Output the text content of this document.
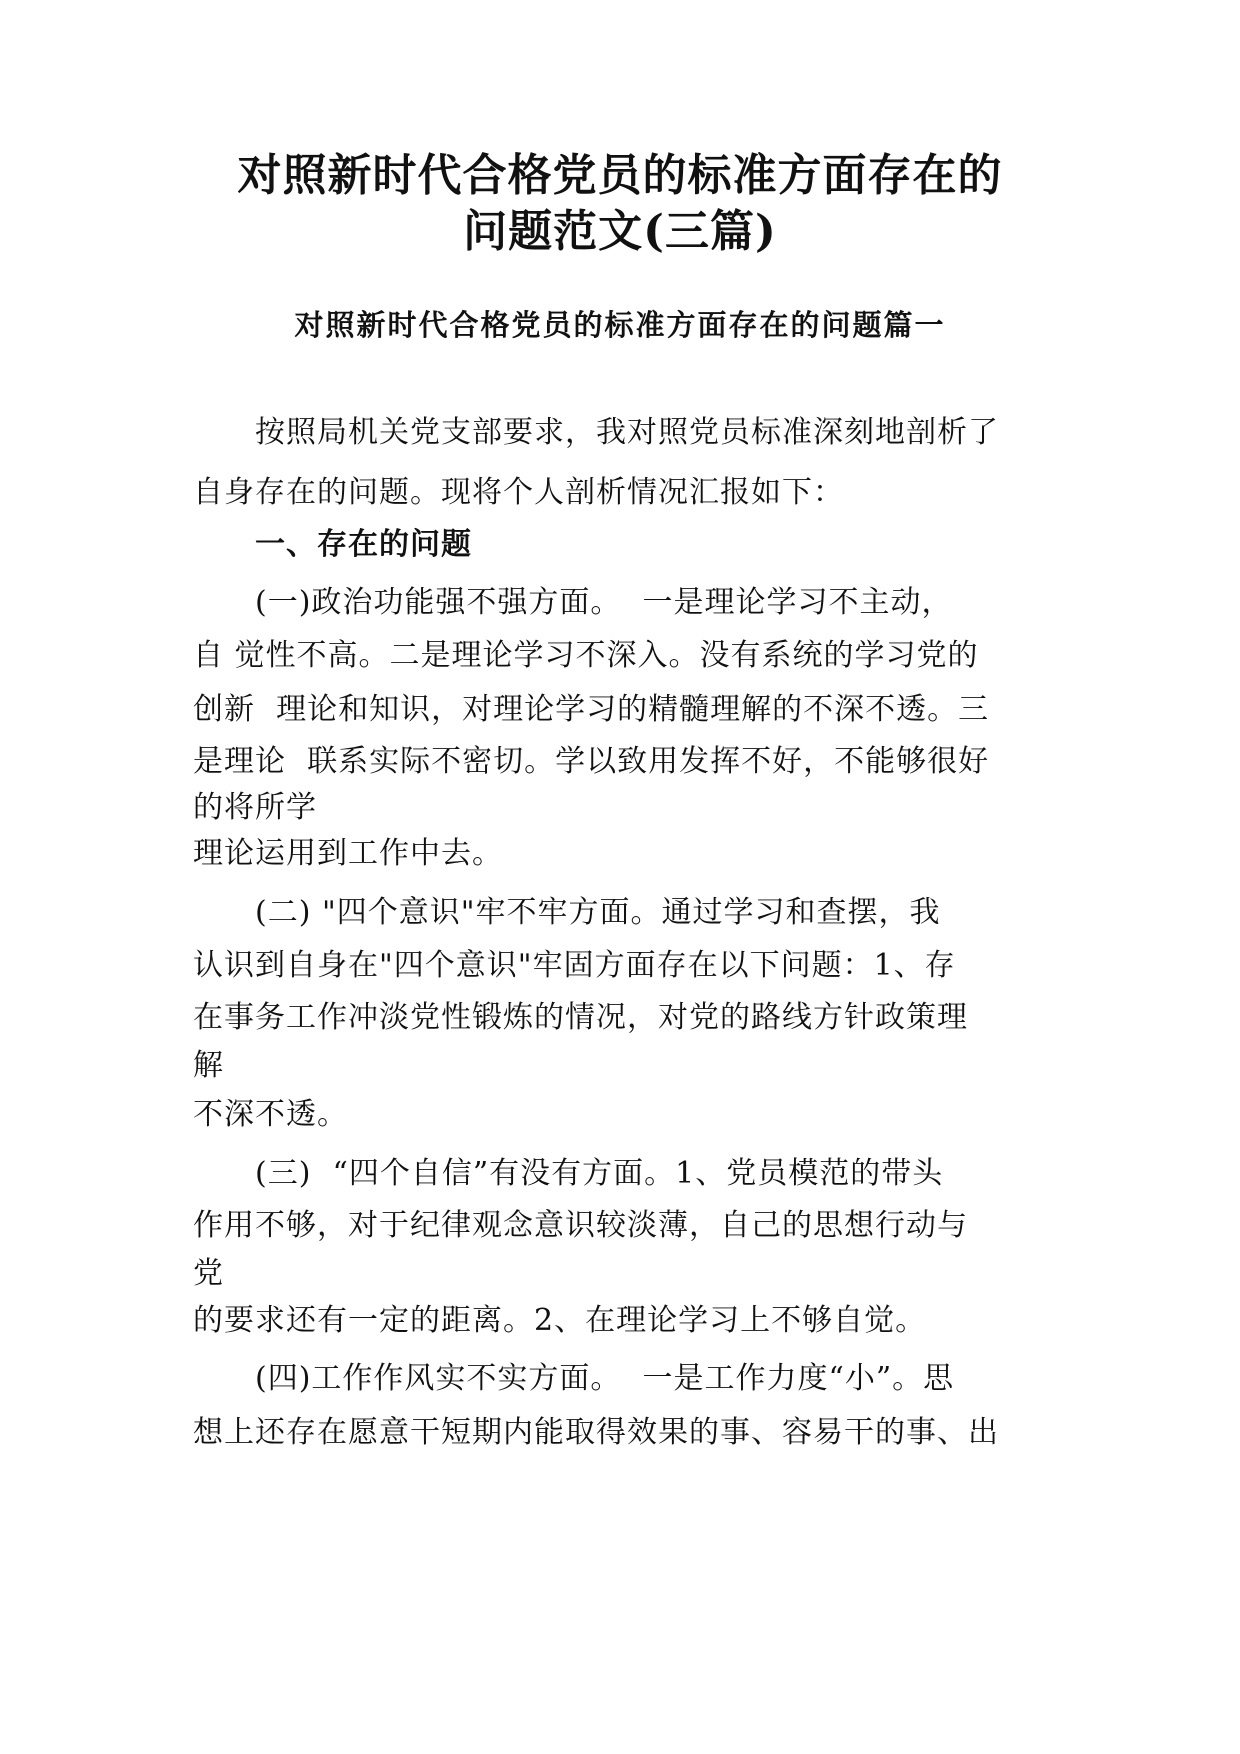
对照新时代合格党员的标准方面存在的
问题范文(三篇)
对照新时代合格党员的标准方面存在的问题篇一
按照局机关党支部要求，我对照党员标准深刻地剖析了
自身存在的问题。现将个人剖析情况汇报如下：
一、存在的问题
(一)政治功能强不强方面。  一是理论学习不主动，
自 觉性不高。二是理论学习不深入。没有系统的学习党的
创新  理论和知识，对理论学习的精髓理解的不深不透。三
是理论  联系实际不密切。学以致用发挥不好，不能够很好
的将所学
理论运用到工作中去。
(二) "四个意识"牢不牢方面。通过学习和查摆，我
认识到自身在"四个意识"牢固方面存在以下问题：1、存
在事务工作冲淡党性锻炼的情况，对党的路线方针政策理
解
不深不透。
(三)  “四个自信”有没有方面。1、党员模范的带头
作用不够，对于纪律观念意识较淡薄，自己的思想行动与
党
的要求还有一定的距离。2、在理论学习上不够自觉。
(四)工作作风实不实方面。  一是工作力度“小”。思
想上还存在愿意干短期内能取得效果的事、容易干的事、出
